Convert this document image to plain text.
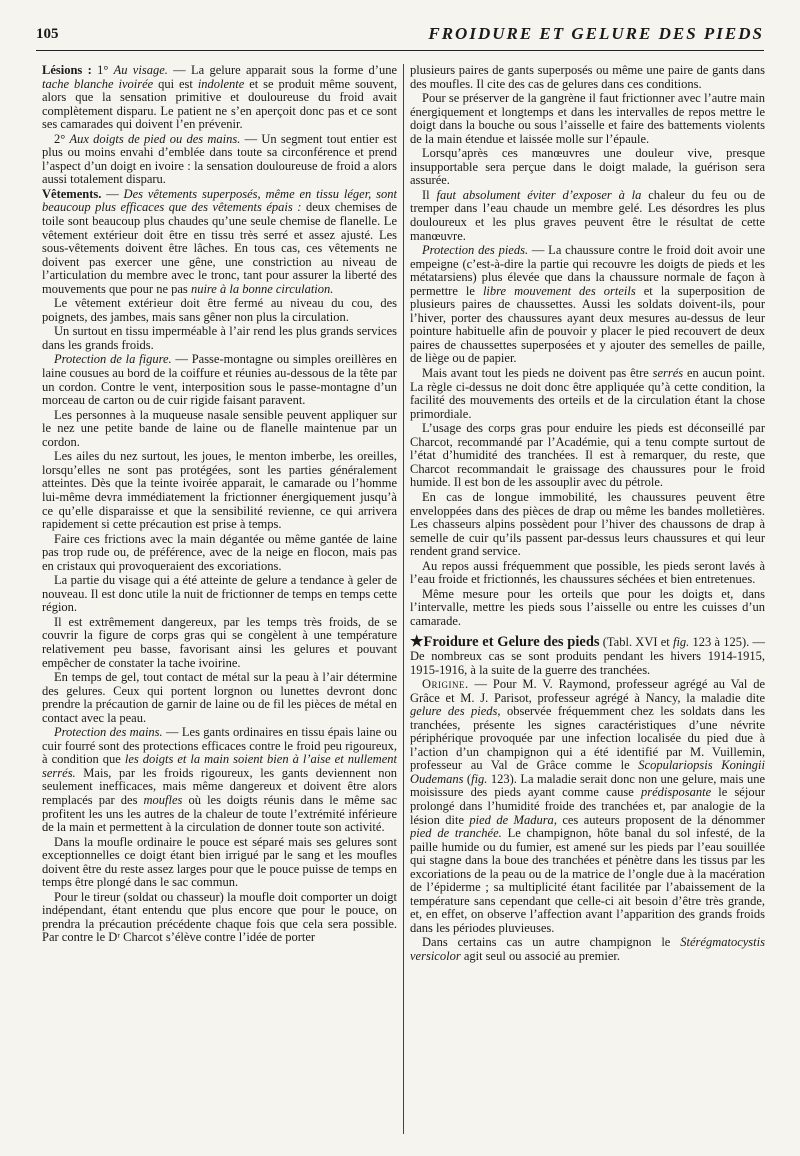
105	FROIDURE ET GELURE DES PIEDS

Lésions : 1° Au visage. — La gelure apparait sous la forme d’une tache blanche ivoirée qui est indolente et se produit même souvent, alors que la sensation primitive et douloureuse du froid avait complètement disparu. Le patient ne s’en aperçoit donc pas et ce sont ses camarades qui doivent l’en prévenir.

2° Aux doigts de pied ou des mains. — Un segment tout entier est plus ou moins envahi d’emblée dans toute sa circonférence et prend l’aspect d’un doigt en ivoire : la sensation douloureuse de froid a alors aussi totalement disparu.

Vêtements. — Des vêtements superposés, même en tissu léger, sont beaucoup plus efficaces que des vêtements épais : deux chemises de toile sont beaucoup plus chaudes qu’une seule chemise de flanelle. Le vêtement extérieur doit être en tissu très serré et assez ajusté. Les sous-vêtements doivent être lâches. En tous cas, ces vêtements ne doivent pas exercer une gêne, une constriction au niveau de l’articulation du membre avec le tronc, tant pour assurer la liberté des mouvements que pour ne pas nuire à la bonne circulation.

Le vêtement extérieur doit être fermé au niveau du cou, des poignets, des jambes, mais sans gêner non plus la circulation.

Un surtout en tissu imperméable à l’air rend les plus grands services dans les grands froids.

Protection de la figure. — Passe-montagne ou simples oreillères en laine cousues au bord de la coiffure et réunies au-dessous de la tête par un cordon. Contre le vent, interposition sous le passe-montagne d’un morceau de carton ou de cuir rigide faisant paravent.

Les personnes à la muqueuse nasale sensible peuvent appliquer sur le nez une petite bande de laine ou de flanelle maintenue par un cordon.

Les ailes du nez surtout, les joues, le menton imberbe, les oreilles, lorsqu’elles ne sont pas protégées, sont les parties généralement atteintes. Dès que la teinte ivoirée apparait, le camarade ou l’homme lui-même devra immédiatement la frictionner énergiquement jusqu’à ce qu’elle disparaisse et que la sensibilité revienne, ce qui arrivera rapidement si cette précaution est prise à temps.

Faire ces frictions avec la main dégantée ou même gantée de laine pas trop rude ou, de préférence, avec de la neige en flocon, mais pas en cristaux qui provoqueraient des excoriations.

La partie du visage qui a été atteinte de gelure a tendance à geler de nouveau. Il est donc utile la nuit de frictionner de temps en temps cette région.

Il est extrêmement dangereux, par les temps très froids, de se couvrir la figure de corps gras qui se congèlent à une température relativement peu basse, favorisant ainsi les gelures et pouvant empêcher de constater la tache ivoirine.

En temps de gel, tout contact de métal sur la peau à l’air détermine des gelures. Ceux qui portent lorgnon ou lunettes devront donc prendre la précaution de garnir de laine ou de fil les pièces de métal en contact avec la peau.

Protection des mains. — Les gants ordinaires en tissu épais laine ou cuir fourré sont des protections efficaces contre le froid peu rigoureux, à condition que les doigts et la main soient bien à l’aise et nullement serrés. Mais, par les froids rigoureux, les gants deviennent non seulement inefficaces, mais même dangereux et doivent être alors remplacés par des moufles où les doigts réunis dans le même sac profitent les uns les autres de la chaleur de toute l’extrémité inférieure de la main et permettent à la circulation de donner toute son activité.

Dans la moufle ordinaire le pouce est séparé mais ses gelures sont exceptionnelles ce doigt étant bien irrigué par le sang et les moufles doivent être du reste assez larges pour que le pouce puisse de temps en temps être plongé dans le sac commun.

Pour le tireur (soldat ou chasseur) la moufle doit comporter un doigt indépendant, étant entendu que plus encore que pour le pouce, on prendra la précaution précédente chaque fois que cela sera possible. Par contre le Dʳ Charcot s’élève contre l’idée de porter

plusieurs paires de gants superposés ou même une paire de gants dans des moufles. Il cite des cas de gelures dans ces conditions.

Pour se préserver de la gangrène il faut frictionner avec l’autre main énergiquement et longtemps et dans les intervalles de repos mettre le doigt dans la bouche ou sous l’aisselle et faire des battements violents de la main étendue et laissée molle sur l’épaule.

Lorsqu’après ces manœuvres une douleur vive, presque insupportable sera perçue dans le doigt malade, la guérison sera assurée.

Il faut absolument éviter d’exposer à la chaleur du feu ou de tremper dans l’eau chaude un membre gelé. Les désordres les plus douloureux et les plus graves peuvent être le résultat de cette manœuvre.

Protection des pieds. — La chaussure contre le froid doit avoir une empeigne (c’est-à-dire la partie qui recouvre les doigts de pieds et les métatarsiens) plus élevée que dans la chaussure normale de façon à permettre le libre mouvement des orteils et la superposition de plusieurs paires de chaussettes. Aussi les soldats doivent-ils, pour l’hiver, porter des chaussures ayant deux mesures au-dessus de leur pointure habituelle afin de pouvoir y placer le pied recouvert de deux paires de chaussettes superposées et y ajouter des semelles de paille, de liège ou de papier.

Mais avant tout les pieds ne doivent pas être serrés en aucun point. La règle ci-dessus ne doit donc être appliquée qu’à cette condition, la facilité des mouvements des orteils et de la circulation étant la chose primordiale.

L’usage des corps gras pour enduire les pieds est déconseillé par Charcot, recommandé par l’Académie, qui a tenu compte surtout de l’état d’humidité des tranchées. Il est à remarquer, du reste, que Charcot recommandait le graissage des chaussures pour le froid humide. Il est bon de les assouplir avec du pétrole.

En cas de longue immobilité, les chaussures peuvent être enveloppées dans des pièces de drap ou même les bandes molletières. Les chasseurs alpins possèdent pour l’hiver des chaussons de drap à semelle de cuir qu’ils passent par-dessus leurs chaussures et qui leur rendent grand service.

Au repos aussi fréquemment que possible, les pieds seront lavés à l’eau froide et frictionnés, les chaussures séchées et bien entretenues.

Même mesure pour les orteils que pour les doigts et, dans l’intervalle, mettre les pieds sous l’aisselle ou entre les cuisses d’un camarade.

★Froidure et Gelure des pieds (Tabl. XVI et fig. 123 à 125). — De nombreux cas se sont produits pendant les hivers 1914-1915, 1915-1916, à la suite de la guerre des tranchées.

Origine. — Pour M. V. Raymond, professeur agrégé au Val de Grâce et M. J. Parisot, professeur agrégé à Nancy, la maladie dite gelure des pieds, observée fréquemment chez les soldats dans les tranchées, présente les signes caractéristiques d’une névrite périphérique provoquée par une infection localisée du pied due à l’action d’un champignon qui a été identifié par M. Vuillemin, professeur au Val de Grâce comme le Scopulariopsis Koningii Oudemans (fig. 123). La maladie serait donc non une gelure, mais une moisissure des pieds ayant comme cause prédisposante le séjour prolongé dans l’humidité froide des tranchées et, par analogie de la lésion dite pied de Madura, ces auteurs proposent de la dénommer pied de tranchée. Le champignon, hôte banal du sol infesté, de la paille humide ou du fumier, est amené sur les pieds par l’eau souillée qui stagne dans la boue des tranchées et pénètre dans les tissus par les excoriations de la peau ou de la matrice de l’ongle due à la macération de l’épiderme ; sa multiplicité étant facilitée par l’abaissement de la température sans cependant que celle-ci ait besoin d’être très grande, et, en effet, on observe l’affection avant l’apparition des grands froids dans les périodes pluvieuses.

Dans certains cas un autre champignon le Stérégmatocystis versicolor agit seul ou associé au premier.
